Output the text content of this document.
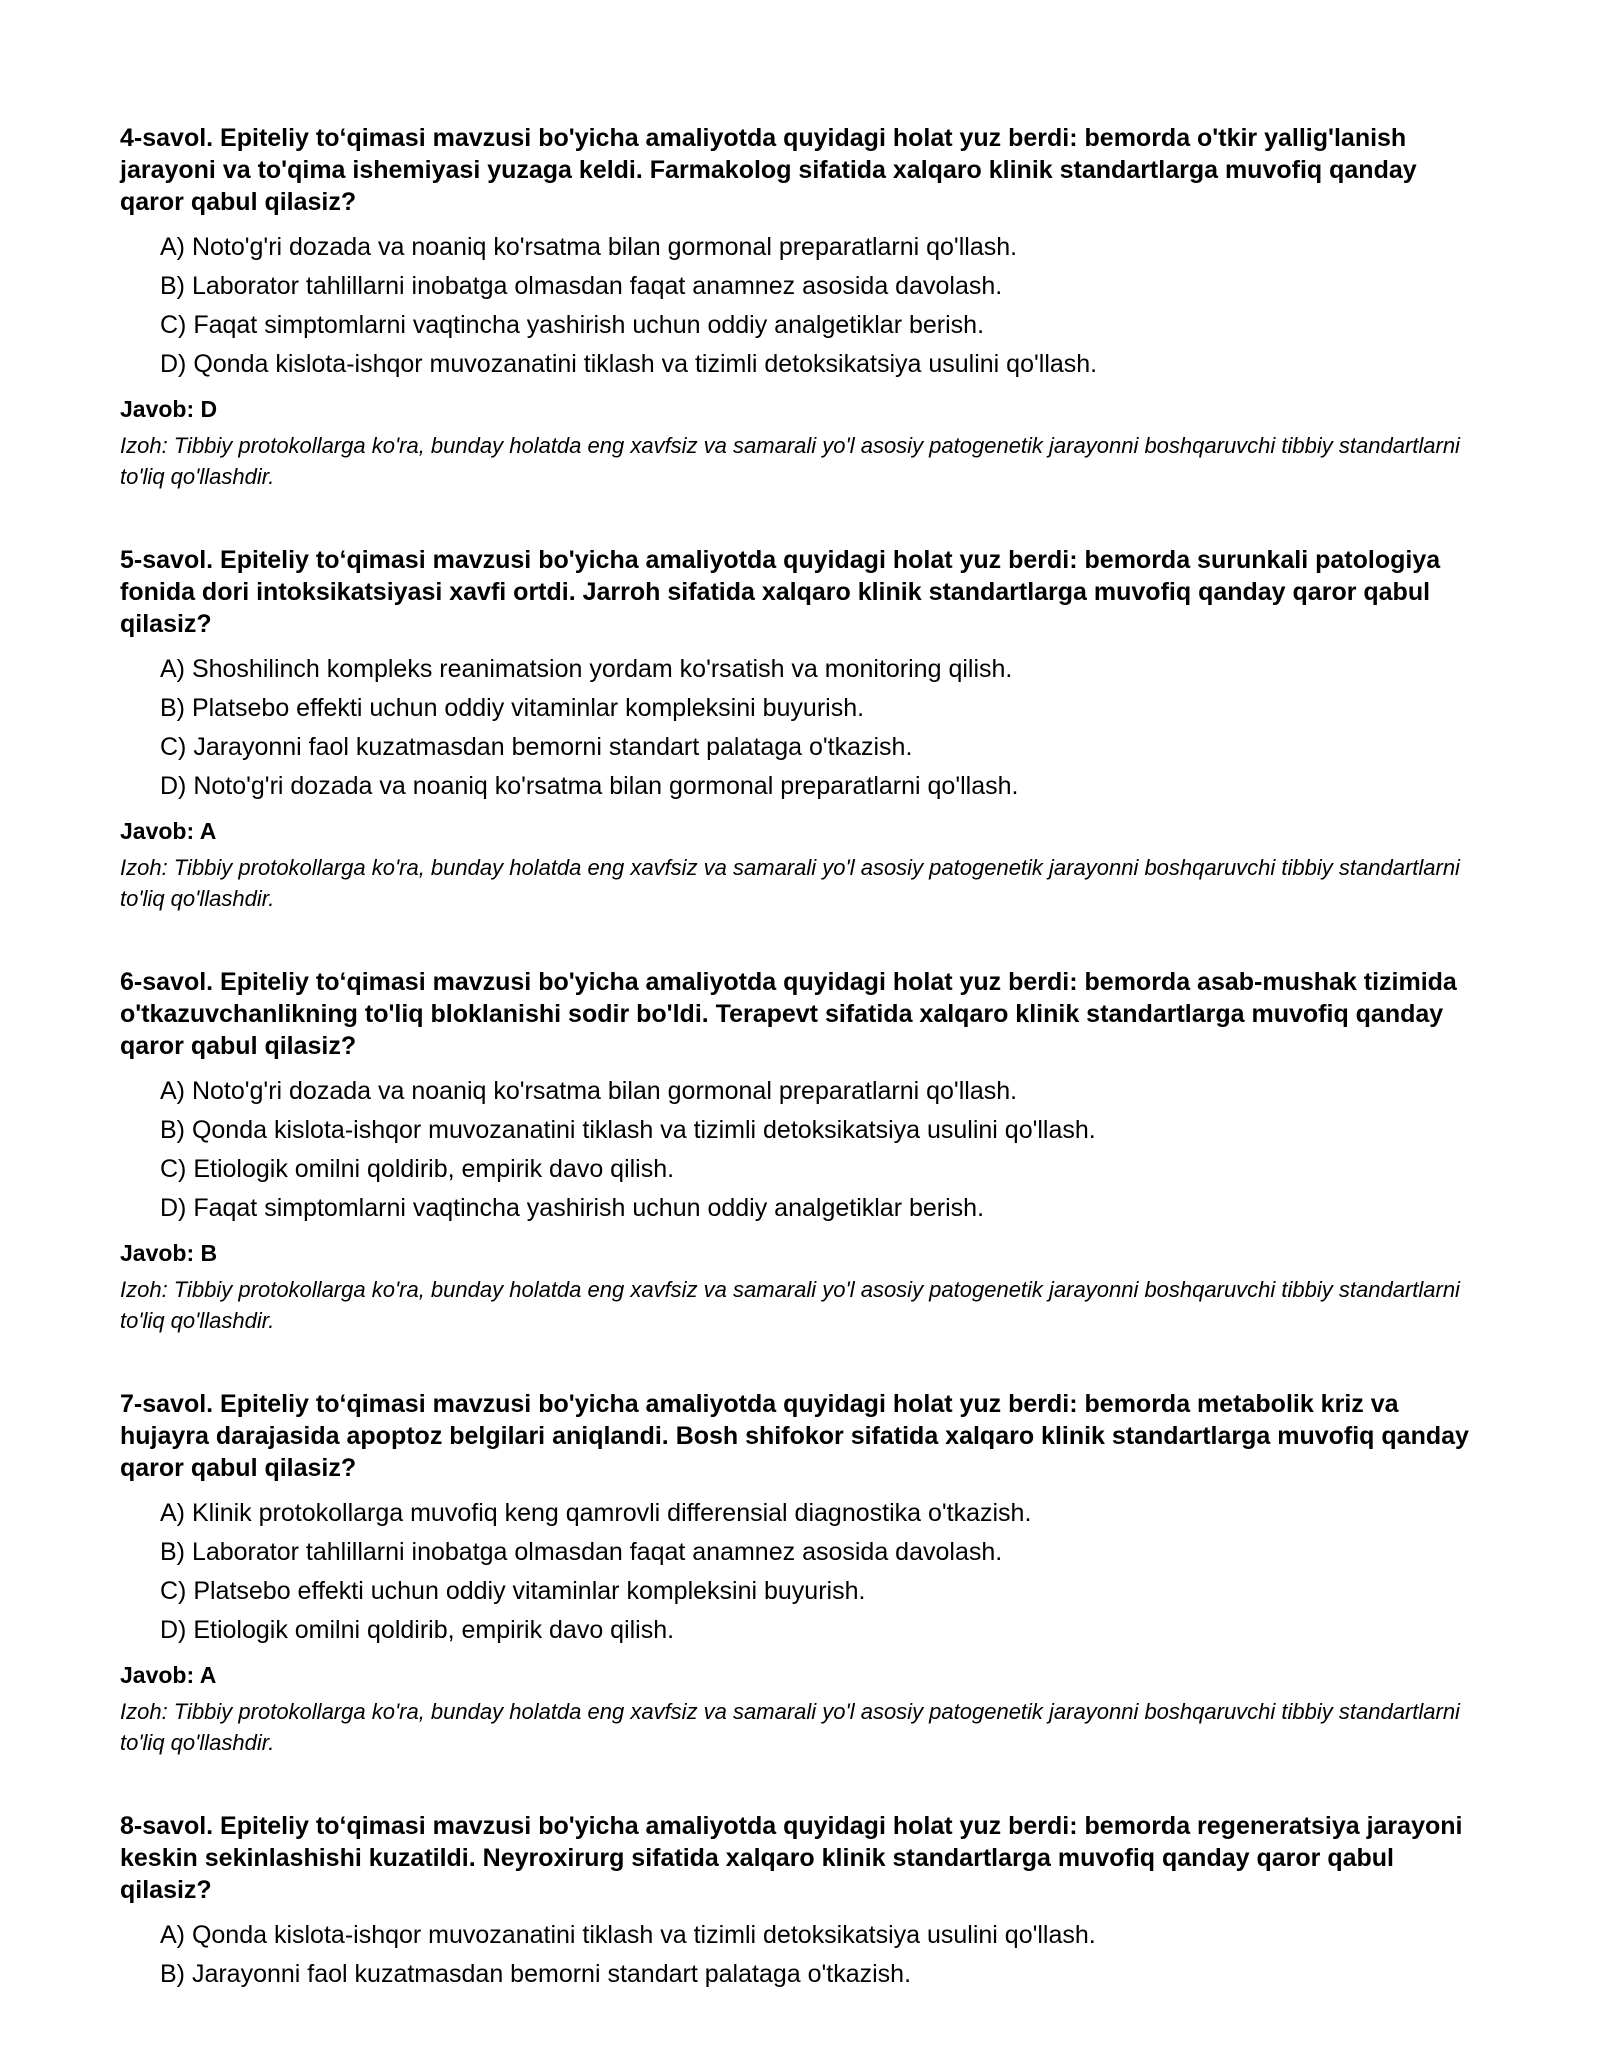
4-savol. Epiteliy to‘qimasi mavzusi bo'yicha amaliyotda quyidagi holat yuz berdi: bemorda o'tkir yallig'lanish jarayoni va to'qima ishemiyasi yuzaga keldi. Farmakolog sifatida xalqaro klinik standartlarga muvofiq qanday qaror qabul qilasiz?

A) Noto'g'ri dozada va noaniq ko'rsatma bilan gormonal preparatlarni qo'llash.
B) Laborator tahlillarni inobatga olmasdan faqat anamnez asosida davolash.
C) Faqat simptomlarni vaqtincha yashirish uchun oddiy analgetiklar berish.
D) Qonda kislota-ishqor muvozanatini tiklash va tizimli detoksikatsiya usulini qo'llash.

Javob: D

Izoh: Tibbiy protokollarga ko'ra, bunday holatda eng xavfsiz va samarali yo'l asosiy patogenetik jarayonni boshqaruvchi tibbiy standartlarni to'liq qo'llashdir.

5-savol. Epiteliy to‘qimasi mavzusi bo'yicha amaliyotda quyidagi holat yuz berdi: bemorda surunkali patologiya fonida dori intoksikatsiyasi xavfi ortdi. Jarroh sifatida xalqaro klinik standartlarga muvofiq qanday qaror qabul qilasiz?

A) Shoshilinch kompleks reanimatsion yordam ko'rsatish va monitoring qilish.
B) Platsebo effekti uchun oddiy vitaminlar kompleksini buyurish.
C) Jarayonni faol kuzatmasdan bemorni standart palataga o'tkazish.
D) Noto'g'ri dozada va noaniq ko'rsatma bilan gormonal preparatlarni qo'llash.

Javob: A

Izoh: Tibbiy protokollarga ko'ra, bunday holatda eng xavfsiz va samarali yo'l asosiy patogenetik jarayonni boshqaruvchi tibbiy standartlarni to'liq qo'llashdir.

6-savol. Epiteliy to‘qimasi mavzusi bo'yicha amaliyotda quyidagi holat yuz berdi: bemorda asab-mushak tizimida o'tkazuvchanlikning to'liq bloklanishi sodir bo'ldi. Terapevt sifatida xalqaro klinik standartlarga muvofiq qanday qaror qabul qilasiz?

A) Noto'g'ri dozada va noaniq ko'rsatma bilan gormonal preparatlarni qo'llash.
B) Qonda kislota-ishqor muvozanatini tiklash va tizimli detoksikatsiya usulini qo'llash.
C) Etiologik omilni qoldirib, empirik davo qilish.
D) Faqat simptomlarni vaqtincha yashirish uchun oddiy analgetiklar berish.

Javob: B

Izoh: Tibbiy protokollarga ko'ra, bunday holatda eng xavfsiz va samarali yo'l asosiy patogenetik jarayonni boshqaruvchi tibbiy standartlarni to'liq qo'llashdir.

7-savol. Epiteliy to‘qimasi mavzusi bo'yicha amaliyotda quyidagi holat yuz berdi: bemorda metabolik kriz va hujayra darajasida apoptoz belgilari aniqlandi. Bosh shifokor sifatida xalqaro klinik standartlarga muvofiq qanday qaror qabul qilasiz?

A) Klinik protokollarga muvofiq keng qamrovli differensial diagnostika o'tkazish.
B) Laborator tahlillarni inobatga olmasdan faqat anamnez asosida davolash.
C) Platsebo effekti uchun oddiy vitaminlar kompleksini buyurish.
D) Etiologik omilni qoldirib, empirik davo qilish.

Javob: A

Izoh: Tibbiy protokollarga ko'ra, bunday holatda eng xavfsiz va samarali yo'l asosiy patogenetik jarayonni boshqaruvchi tibbiy standartlarni to'liq qo'llashdir.

8-savol. Epiteliy to‘qimasi mavzusi bo'yicha amaliyotda quyidagi holat yuz berdi: bemorda regeneratsiya jarayoni keskin sekinlashishi kuzatildi. Neyroxirurg sifatida xalqaro klinik standartlarga muvofiq qanday qaror qabul qilasiz?

A) Qonda kislota-ishqor muvozanatini tiklash va tizimli detoksikatsiya usulini qo'llash.
B) Jarayonni faol kuzatmasdan bemorni standart palataga o'tkazish.
